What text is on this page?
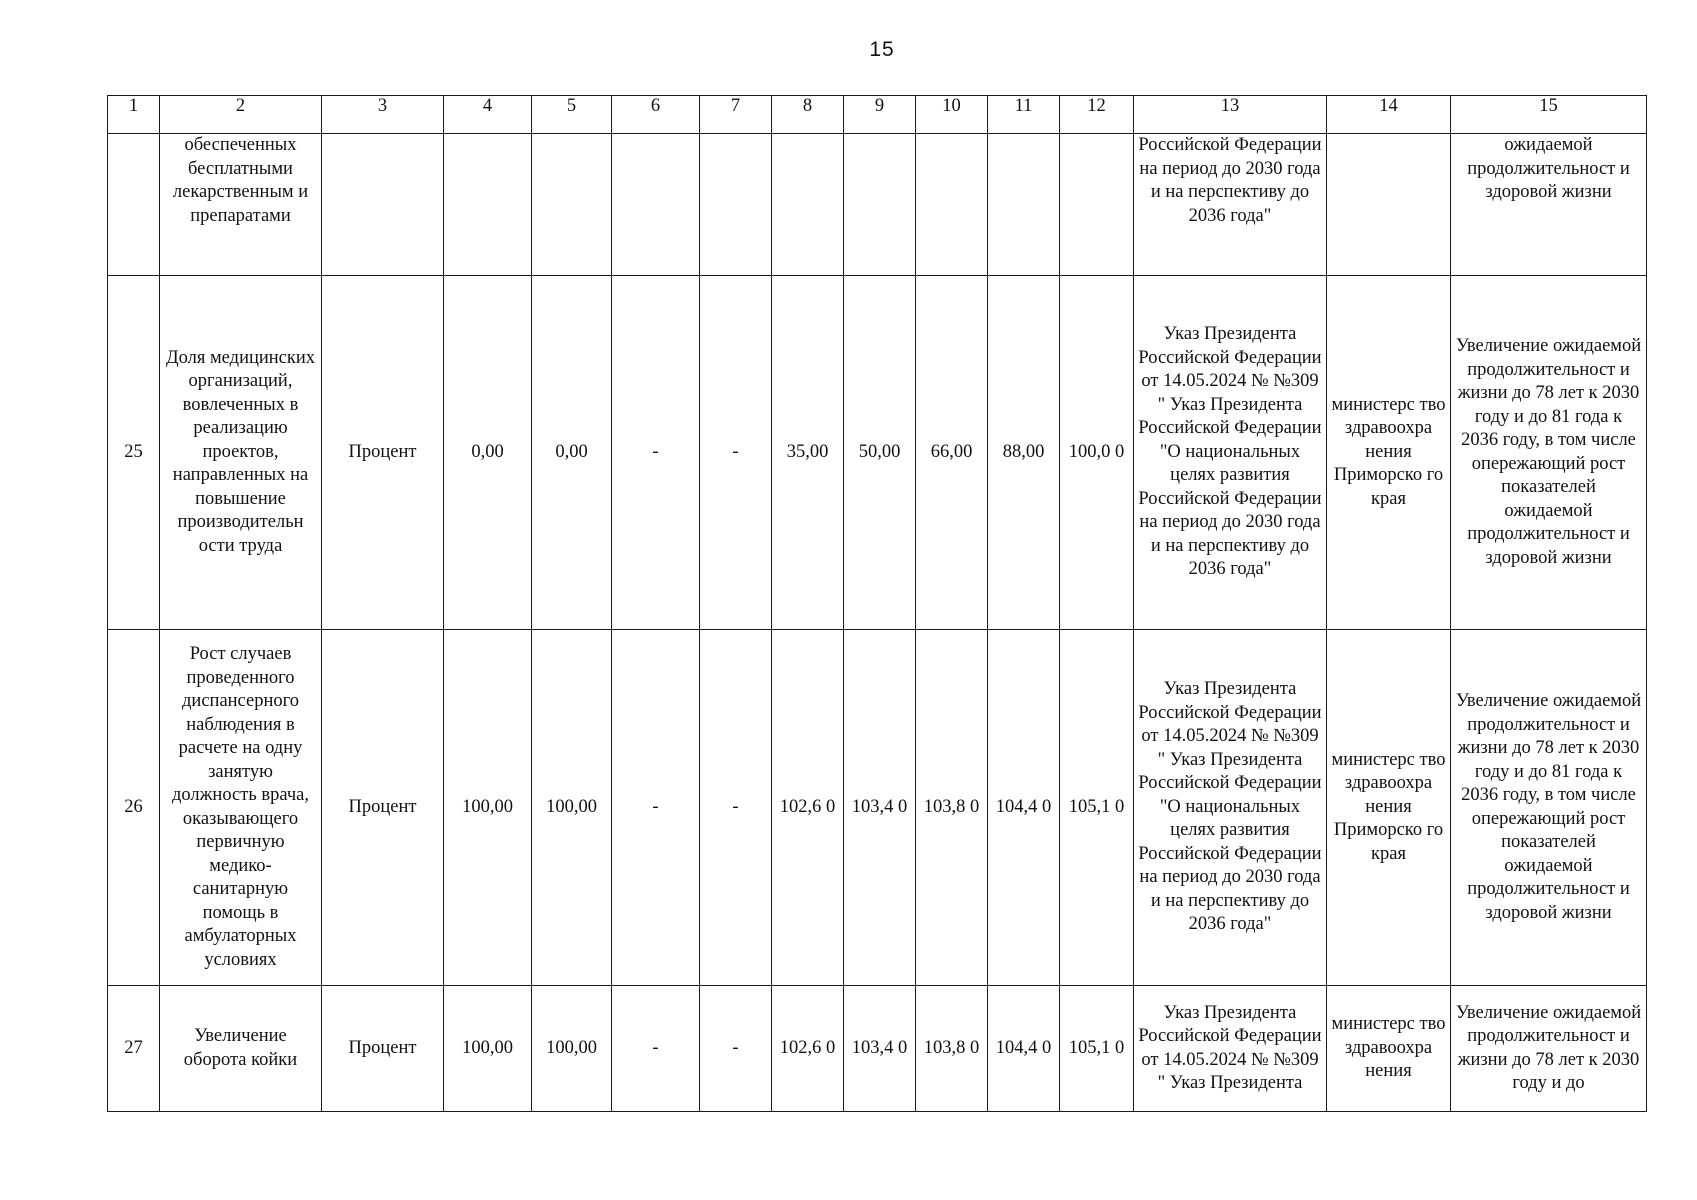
15
1	2	3	4	5	6	7	8	9	10	11	12	13	14	15
	обеспеченных бесплатными лекарственным и препаратами											Российской Федерации на период до 2030 года и на перспективу до 2036 года"		ожидаемой продолжительност и здоровой жизни
25	Доля медицинских организаций, вовлеченных в реализацию проектов, направленных на повышение производительн ости труда	Процент	0,00	0,00	-	-	35,00	50,00	66,00	88,00	100,0 0	Указ Президента Российской Федерации от 14.05.2024 № №309 " Указ Президента Российской Федерации "О национальных целях развития Российской Федерации на период до 2030 года и на перспективу до 2036 года"	министерс тво здравоохра нения Приморско го края	Увеличение ожидаемой продолжительност и жизни до 78 лет к 2030 году и до 81 года к 2036 году, в том числе опережающий рост показателей ожидаемой продолжительност и здоровой жизни
26	Рост случаев проведенного диспансерного наблюдения в расчете на одну занятую должность врача, оказывающего первичную медико-санитарную помощь в амбулаторных условиях	Процент	100,00	100,00	-	-	102,6 0	103,4 0	103,8 0	104,4 0	105,1 0	Указ Президента Российской Федерации от 14.05.2024 № №309 " Указ Президента Российской Федерации "О национальных целях развития Российской Федерации на период до 2030 года и на перспективу до 2036 года"	министерс тво здравоохра нения Приморско го края	Увеличение ожидаемой продолжительност и жизни до 78 лет к 2030 году и до 81 года к 2036 году, в том числе опережающий рост показателей ожидаемой продолжительност и здоровой жизни
27	Увеличение оборота койки	Процент	100,00	100,00	-	-	102,6 0	103,4 0	103,8 0	104,4 0	105,1 0	Указ Президента Российской Федерации от 14.05.2024 № №309 " Указ Президента	министерс тво здравоохра нения	Увеличение ожидаемой продолжительност и жизни до 78 лет к 2030 году и до
